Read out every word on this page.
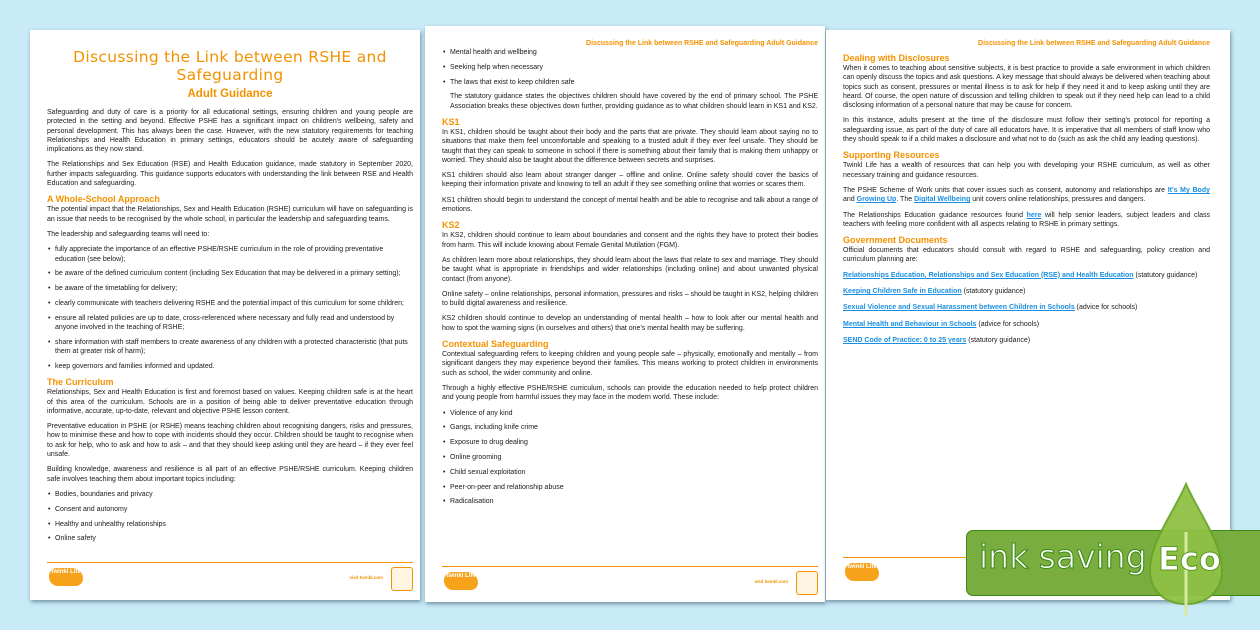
Discussing the Link between RSHE and Safeguarding
Adult Guidance

Safeguarding and duty of care is a priority for all educational settings, ensuring children and young people are protected in the setting and beyond. Effective PSHE has a significant impact on children's wellbeing, safety and personal development. This has always been the case. However, with the new statutory requirements for teaching Relationships and Health Education in primary settings, educators should be acutely aware of safeguarding implications as they now stand.

The Relationships and Sex Education (RSE) and Health Education guidance, made statutory in September 2020, further impacts safeguarding. This guidance supports educators with understanding the link between RSE and Health Education and safeguarding.

A Whole-School Approach

The potential impact that the Relationships, Sex and Health Education (RSHE) curriculum will have on safeguarding is an issue that needs to be recognised by the whole school, in particular the leadership and safeguarding teams.

The leadership and safeguarding teams will need to:

• fully appreciate the importance of an effective PSHE/RSHE curriculum in the role of providing preventative education (see below);
• be aware of the defined curriculum content (including Sex Education that may be delivered in a primary setting);
• be aware of the timetabling for delivery;
• clearly communicate with teachers delivering RSHE and the potential impact of this curriculum for some children;
• ensure all related policies are up to date, cross-referenced where necessary and fully read and understood by anyone involved in the teaching of RSHE;
• share information with staff members to create awareness of any children with a protected characteristic (that puts them at greater risk of harm);
• keep governors and families informed and updated.
The Curriculum

Relationships, Sex and Health Education is first and foremost based on values. Keeping children safe is at the heart of this area of the curriculum. Schools are in a position of being able to deliver preventative education through informative, accurate, up-to-date, relevant and objective PSHE lesson content.

Preventative education in PSHE (or RSHE) means teaching children about recognising dangers, risks and pressures, how to minimise these and how to cope with incidents should they occur. Children should be taught to recognise when to ask for help, who to ask and how to ask – and that they should keep asking until they are heard – if they ever feel unsafe.

Building knowledge, awareness and resilience is all part of an effective PSHE/RSHE curriculum. Keeping children safe involves teaching them about important topics including:

• Bodies, boundaries and privacy
• Consent and autonomy
• Healthy and unhealthy relationships
• Online safety
twinkl Life
visit twinkl.com
Discussing the Link between RSHE and Safeguarding Adult Guidance
• Mental health and wellbeing
• Seeking help when necessary
• The laws that exist to keep children safe

The statutory guidance states the objectives children should have covered by the end of primary school. The PSHE Association breaks these objectives down further, providing guidance as to what children should learn in KS1 and KS2.

KS1

In KS1, children should be taught about their body and the parts that are private. They should learn about saying no to situations that make them feel uncomfortable and speaking to a trusted adult if they ever feel unsafe. They should be taught that they can speak to someone in school if there is something about their family that is making them unhappy or worried. They should also be taught about the difference between secrets and surprises.

KS1 children should also learn about stranger danger – offline and online. Online safety should cover the basics of keeping their information private and knowing to tell an adult if they see something online that worries or scares them.

KS1 children should begin to understand the concept of mental health and be able to recognise and talk about a range of emotions.

KS2

In KS2, children should continue to learn about boundaries and consent and the rights they have to protect their bodies from harm. This will include knowing about Female Genital Mutilation (FGM).

As children learn more about relationships, they should learn about the laws that relate to sex and marriage. They should be taught what is appropriate in friendships and wider relationships (including online) and about unwanted physical contact (from anyone).

Online safety – online relationships, personal information, pressures and risks – should be taught in KS2, helping children to build digital awareness and resilience.

KS2 children should continue to develop an understanding of mental health – how to look after our mental health and how to spot the warning signs (in ourselves and others) that one's mental health may be suffering.

Contextual Safeguarding

Contextual safeguarding refers to keeping children and young people safe – physically, emotionally and mentally – from significant dangers they may experience beyond their families. This means working to protect children in environments such as school, the wider community and online.

Through a highly effective PSHE/RSHE curriculum, schools can provide the education needed to help protect children and young people from harmful issues they may face in the modern world. These include:

• Violence of any kind
• Gangs, including knife crime
• Exposure to drug dealing
• Online grooming
• Child sexual exploitation
• Peer-on-peer and relationship abuse
• Radicalisation
twinkl Life
visit twinkl.com
Discussing the Link between RSHE and Safeguarding Adult Guidance
Dealing with Disclosures

When it comes to teaching about sensitive subjects, it is best practice to provide a safe environment in which children can openly discuss the topics and ask questions. A key message that should always be delivered when teaching about topics such as consent, pressures or mental illness is to ask for help if they need it and to keep asking until they are heard. Of course, the open nature of discussion and telling children to speak out if they need help can lead to a child disclosing information of a personal nature that may be cause for concern.

In this instance, adults present at the time of the disclosure must follow their setting's protocol for reporting a safeguarding issue, as part of the duty of care all educators have. It is imperative that all members of staff know who they should speak to if a child makes a disclosure and what not to do (such as ask the child any leading questions).

Supporting Resources

Twinkl Life has a wealth of resources that can help you with developing your RSHE curriculum, as well as other necessary training and guidance resources.

The PSHE Scheme of Work units that cover issues such as consent, autonomy and relationships are It's My Body and Growing Up. The Digital Wellbeing unit covers online relationships, pressures and dangers.

The Relationships Education guidance resources found here will help senior leaders, subject leaders and class teachers with feeling more confident with all aspects relating to RSHE in primary settings.

Government Documents

Official documents that educators should consult with regard to RSHE and safeguarding, policy creation and curriculum planning are:

Relationships Education, Relationships and Sex Education (RSE) and Health Education (statutory guidance)
Keeping Children Safe in Education (statutory guidance)
Sexual Violence and Sexual Harassment between Children in Schools (advice for schools)
Mental Health and Behaviour in Schools (advice for schools)
SEND Code of Practice: 0 to 25 years (statutory guidance)
twinkl Life	ink saving Eco
